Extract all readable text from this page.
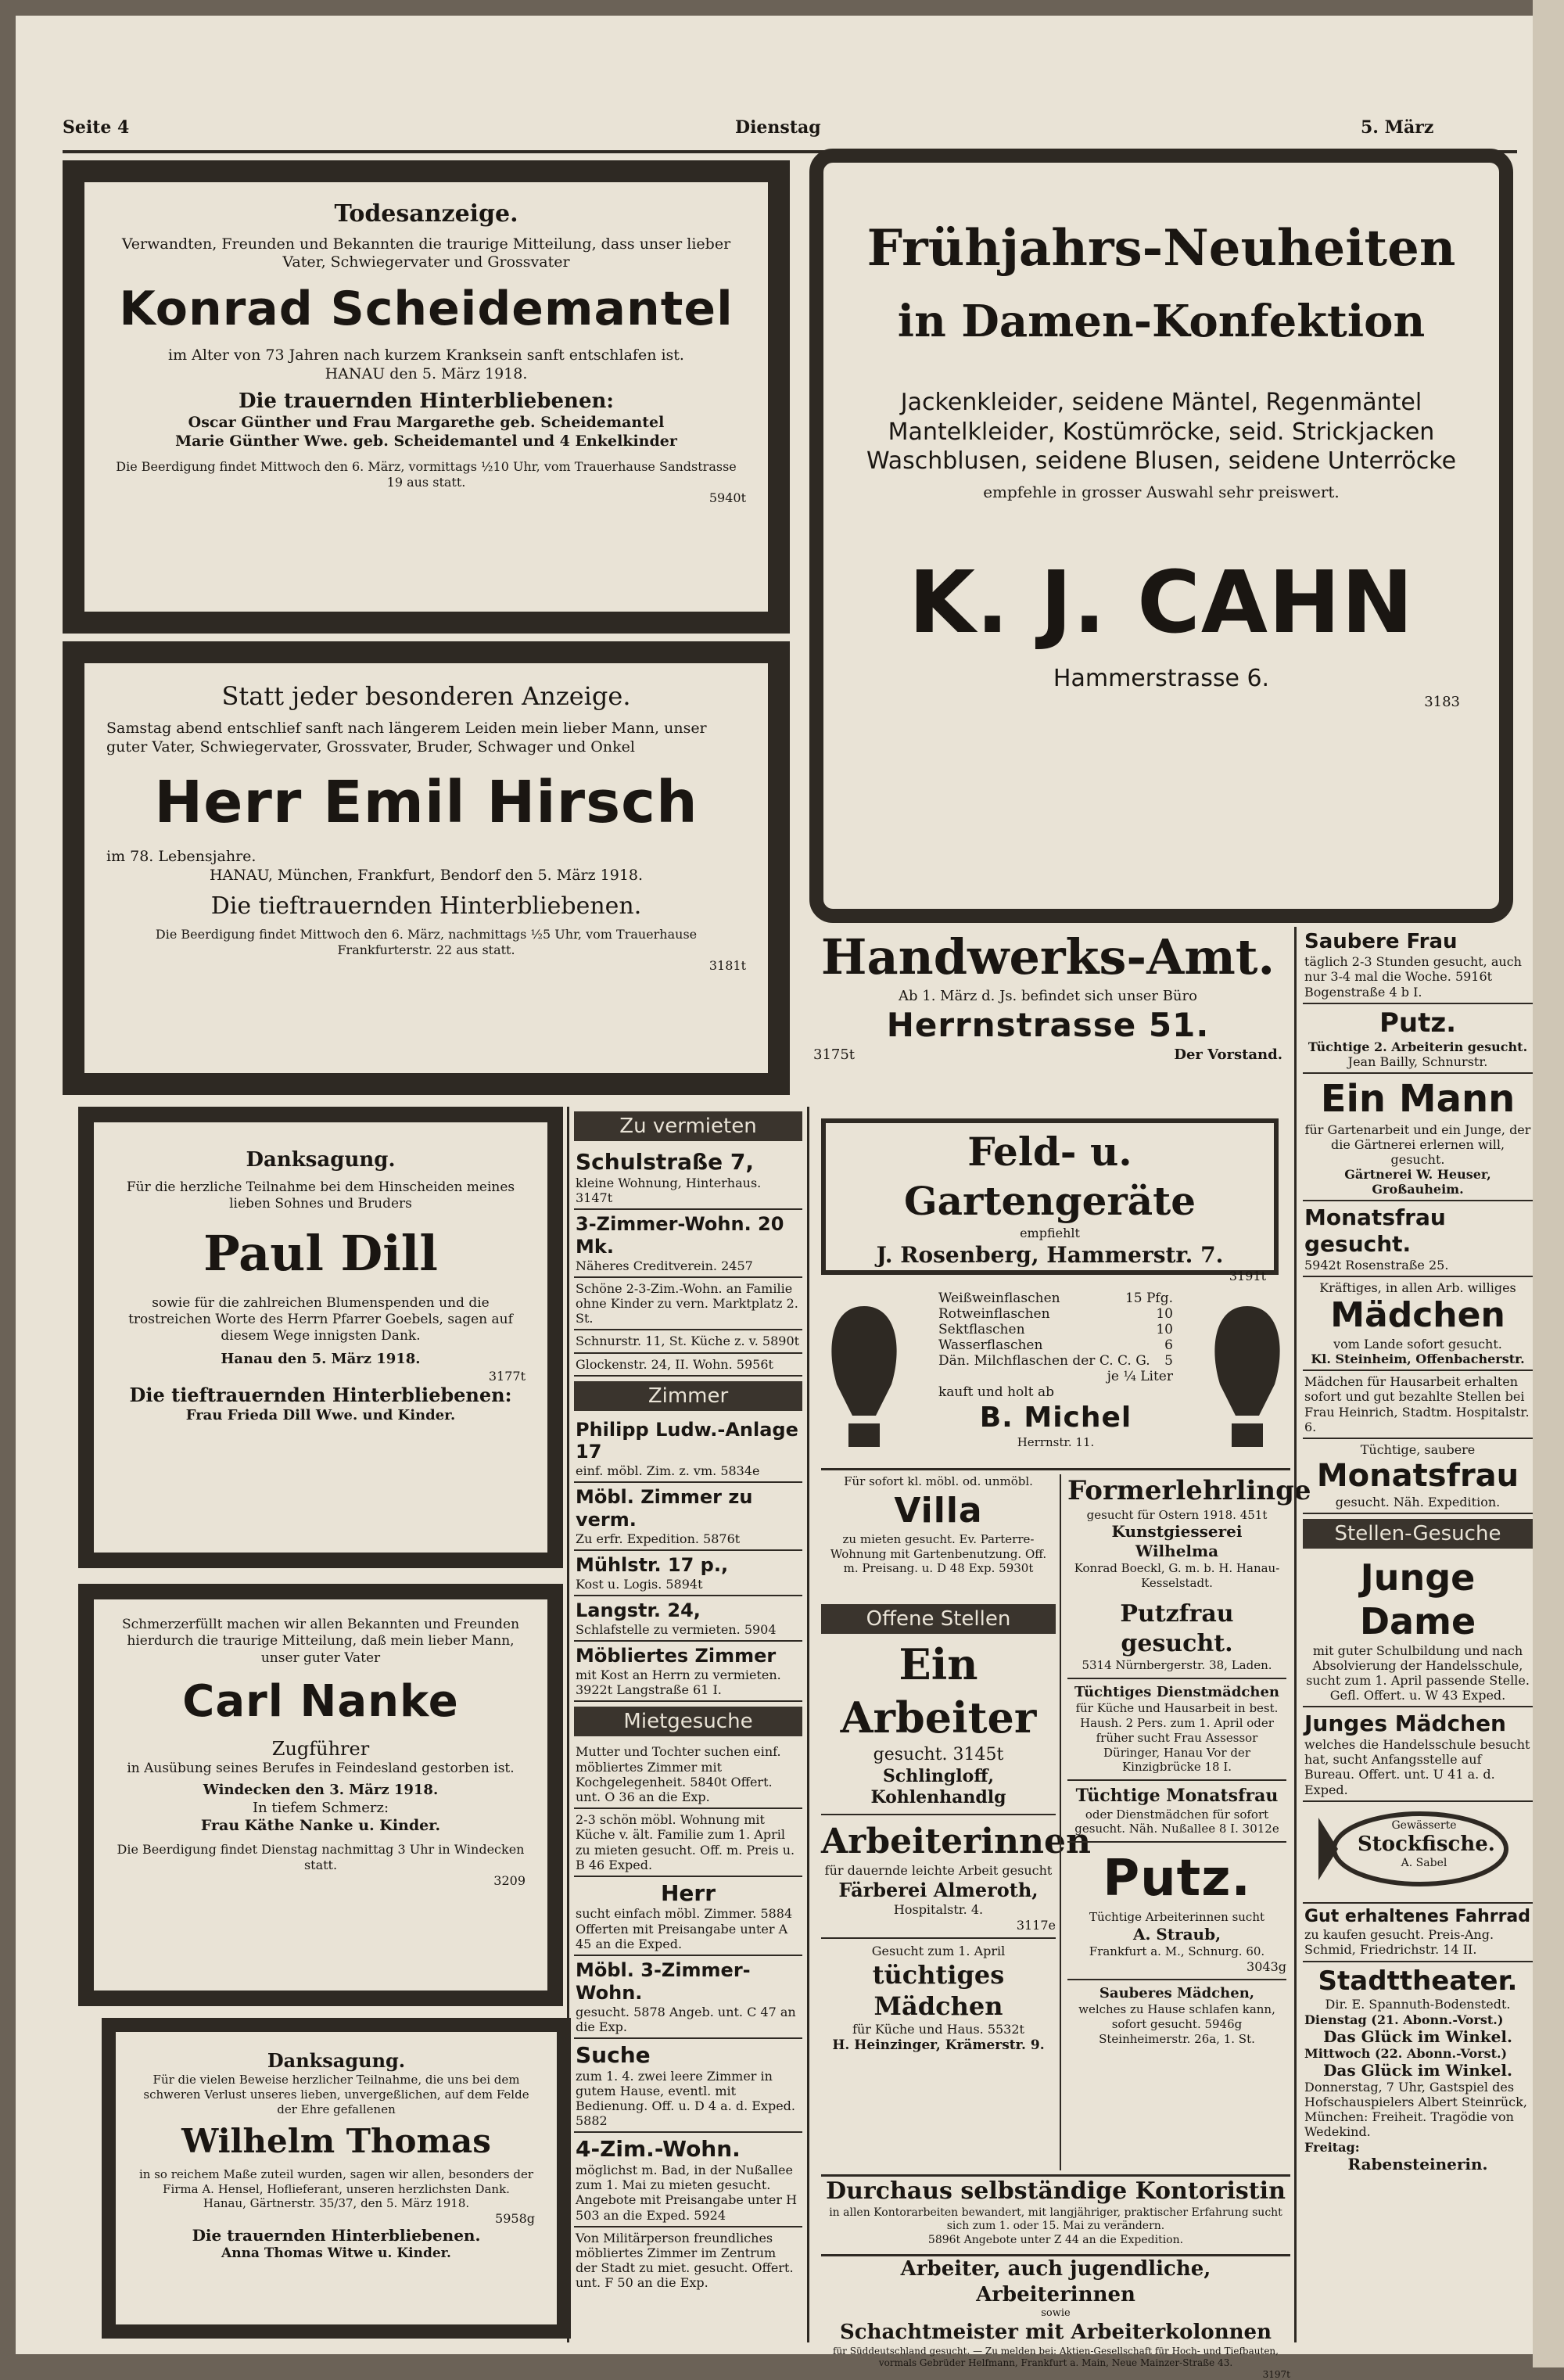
Seite 4	Dienstag	5. März
Todesanzeige.
Verwandten, Freunden und Bekannten die traurige Mitteilung, dass unser lieber Vater, Schwiegervater und Grossvater
Konrad Scheidemantel
im Alter von 73 Jahren nach kurzem Kranksein sanft entschlafen ist.
HANAU den 5. März 1918.
Die trauernden Hinterbliebenen:
Oscar Günther und Frau Margarethe geb. Scheidemantel
Marie Günther Wwe. geb. Scheidemantel und 4 Enkelkinder
Die Beerdigung findet Mittwoch den 6. März, vormittags ½10 Uhr, vom Trauerhause Sandstrasse 19 aus statt.
5940t
Statt jeder besonderen Anzeige.
Samstag abend entschlief sanft nach längerem Leiden mein lieber Mann, unser guter Vater, Schwiegervater, Grossvater, Bruder, Schwager und Onkel
Herr Emil Hirsch
im 78. Lebensjahre.
HANAU, München, Frankfurt, Bendorf den 5. März 1918.
Die tieftrauernden Hinterbliebenen.
Die Beerdigung findet Mittwoch den 6. März, nachmittags ½5 Uhr, vom Trauerhause Frankfurterstr. 22 aus statt.
3181t
Danksagung.
Für die herzliche Teilnahme bei dem Hinscheiden meines lieben Sohnes und Bruders
Paul Dill
sowie für die zahlreichen Blumenspenden und die trostreichen Worte des Herrn Pfarrer Goebels, sagen auf diesem Wege innigsten Dank.
Hanau den 5. März 1918.
3177t
Die tieftrauernden Hinterbliebenen:
Frau Frieda Dill Wwe. und Kinder.
Schmerzerfüllt machen wir allen Bekannten und Freunden hierdurch die traurige Mitteilung, daß mein lieber Mann, unser guter Vater
Carl Nanke
Zugführer
in Ausübung seines Berufes in Feindesland gestorben ist.
Windecken den 3. März 1918.
In tiefem Schmerz:
Frau Käthe Nanke u. Kinder.
Die Beerdigung findet Dienstag nachmittag 3 Uhr in Windecken statt.
3209
Danksagung.
Für die vielen Beweise herzlicher Teilnahme, die uns bei dem schweren Verlust unseres lieben, unvergeßlichen, auf dem Felde der Ehre gefallenen
Wilhelm Thomas
in so reichem Maße zuteil wurden, sagen wir allen, besonders der Firma A. Hensel, Hoflieferant, unseren herzlichsten Dank.
Hanau, Gärtnerstr. 35/37, den 5. März 1918.
5958g
Die trauernden Hinterbliebenen.
Anna Thomas Witwe u. Kinder.
Zu vermieten
Schulstraße 7,
kleine Wohnung, Hinterhaus. 3147t
3-Zimmer-Wohn. 20 Mk.
Näheres Creditverein. 2457
Schöne 2-3-Zim.-Wohn. an Familie ohne Kinder zu vern. Marktplatz 2. St.
Schnurstr. 11, St. Küche z. v. 5890t
Glockenstr. 24, II. Wohn. 5956t
Zimmer
Philipp Ludw.-Anlage 17
einf. möbl. Zim. z. vm. 5834e
Möbl. Zimmer zu verm.
Zu erfr. Expedition. 5876t
Mühlstr. 17 p.,
Kost u. Logis. 5894t
Langstr. 24,
Schlafstelle zu vermieten. 5904
Möbliertes Zimmer
mit Kost an Herrn zu vermieten. 3922t Langstraße 61 I.
Mietgesuche
Mutter und Tochter suchen einf. möbliertes Zimmer mit Kochgelegenheit. 5840t Offert. unt. O 36 an die Exp.
2-3 schön möbl. Wohnung mit Küche v. ält. Familie zum 1. April zu mieten gesucht. Off. m. Preis u. B 46 Exped.
Herr
sucht einfach möbl. Zimmer. 5884 Offerten mit Preisangabe unter A 45 an die Exped.
Möbl. 3-Zimmer-Wohn.
gesucht. 5878 Angeb. unt. C 47 an die Exp.
Suche
zum 1. 4. zwei leere Zimmer in gutem Hause, eventl. mit Bedienung. Off. u. D 4 a. d. Exped. 5882
4-Zim.-Wohn.
möglichst m. Bad, in der Nußallee zum 1. Mai zu mieten gesucht. Angebote mit Preisangabe unter H 503 an die Exped. 5924
Von Militärperson freundliches möbliertes Zimmer im Zentrum der Stadt zu miet. gesucht. Offert. unt. F 50 an die Exp.
Frühjahrs-Neuheiten
in Damen-Konfektion
Jackenkleider, seidene Mäntel, Regenmäntel
Mantelkleider, Kostümröcke, seid. Strickjacken
Waschblusen, seidene Blusen, seidene Unterröcke
empfehle in grosser Auswahl sehr preiswert.
K. J. CAHN
Hammerstrasse 6.
3183
Handwerks-Amt.
Ab 1. März d. Js. befindet sich unser Büro
Herrnstrasse 51.
3175t	Der Vorstand.
Feld- u. Gartengeräte
empfiehlt
J. Rosenberg, Hammerstr. 7.
3191t
Weißweinflaschen	15 Pfg.
Rotweinflaschen	10
Sektflaschen	10
Wasserflaschen	6
Dän. Milchflaschen der C. C. G. 5
je ¼ Liter
kauft und holt ab
B. Michel
Herrnstr. 11.
Für sofort kl. möbl. od. unmöbl.
Villa
zu mieten gesucht. Ev. Parterre-Wohnung mit Gartenbenutzung. Off. m. Preisang. u. D 48 Exp. 5930t
Formerlehrlinge
gesucht für Ostern 1918. 451t
Kunstgiesserei Wilhelma
Konrad Boeckl, G. m. b. H. Hanau-Kesselstadt.
Offene Stellen
Ein Arbeiter
gesucht. 3145t
Schlingloff, Kohlenhandlg
Arbeiterinnen
für dauernde leichte Arbeit gesucht
Färberei Almeroth,
Hospitalstr. 4.
3117e
Gesucht zum 1. April
tüchtiges Mädchen
für Küche und Haus. 5532t
H. Heinzinger, Krämerstr. 9.
Putzfrau gesucht.
5314 Nürnbergerstr. 38, Laden.
Tüchtiges Dienstmädchen
für Küche und Hausarbeit in best. Haush. 2 Pers. zum 1. April oder früher sucht Frau Assessor Düringer, Hanau Vor der Kinzigbrücke 18 I.
Tüchtige Monatsfrau
oder Dienstmädchen für sofort gesucht. Näh. Nußallee 8 I. 3012e
Putz.
Tüchtige Arbeiterinnen sucht
A. Straub,
Frankfurt a. M., Schnurg. 60.
3043g
Sauberes Mädchen,
welches zu Hause schlafen kann, sofort gesucht. 5946g
Steinheimerstr. 26a, 1. St.
Durchaus selbständige Kontoristin
in allen Kontorarbeiten bewandert, mit langjähriger, praktischer Erfahrung sucht sich zum 1. oder 15. Mai zu verändern.
5896t Angebote unter Z 44 an die Expedition.
Arbeiter, auch jugendliche, Arbeiterinnen
sowie
Schachtmeister mit Arbeiterkolonnen
für Süddeutschland gesucht. — Zu melden bei: Aktien-Gesellschaft für Hoch- und Tiefbauten, vormals Gebrüder Helfmann, Frankfurt a. Main, Neue Mainzer-Straße 43.
3197t
Saubere Frau
täglich 2-3 Stunden gesucht, auch nur 3-4 mal die Woche. 5916t Bogenstraße 4 b I.
Putz.
Tüchtige 2. Arbeiterin gesucht.
Jean Bailly, Schnurstr.
Ein Mann
für Gartenarbeit und ein Junge, der die Gärtnerei erlernen will, gesucht.
Gärtnerei W. Heuser, Großauheim.
Monatsfrau gesucht.
5942t Rosenstraße 25.
Kräftiges, in allen Arb. williges
Mädchen
vom Lande sofort gesucht.
Kl. Steinheim, Offenbacherstr.
Mädchen für Hausarbeit erhalten sofort und gut bezahlte Stellen bei Frau Heinrich, Stadtm. Hospitalstr. 6.
Tüchtige, saubere
Monatsfrau
gesucht. Näh. Expedition.
Stellen-Gesuche
Junge Dame
mit guter Schulbildung und nach Absolvierung der Handelsschule, sucht zum 1. April passende Stelle. Gefl. Offert. u. W 43 Exped.
Junges Mädchen
welches die Handelsschule besucht hat, sucht Anfangsstelle auf Bureau. Offert. unt. U 41 a. d. Exped.
Gewässerte
Stockfische.
A. Sabel
Gut erhaltenes Fahrrad
zu kaufen gesucht. Preis-Ang. Schmid, Friedrichstr. 14 II.
Stadttheater.
Dir. E. Spannuth-Bodenstedt.
Dienstag (21. Abonn.-Vorst.)
Das Glück im Winkel.
Mittwoch (22. Abonn.-Vorst.)
Das Glück im Winkel.
Donnerstag, 7 Uhr, Gastspiel des Hofschauspielers Albert Steinrück, München: Freiheit. Tragödie von Wedekind.
Freitag:
Rabensteinerin.
